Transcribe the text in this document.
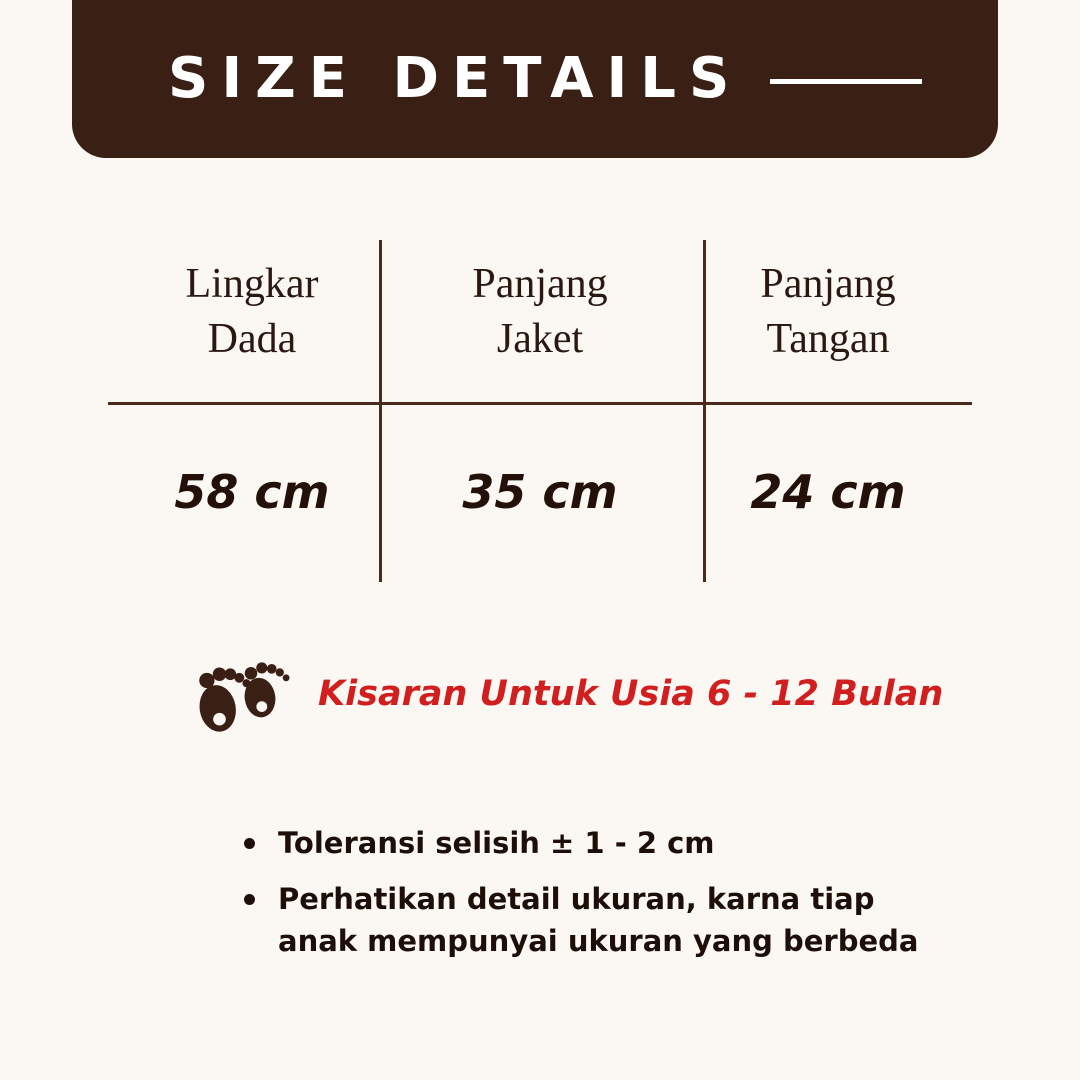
SIZE DETAILS
Lingkar
Dada
Panjang
Jaket
Panjang
Tangan
58 cm	35 cm	24 cm
Kisaran Untuk Usia 6 - 12 Bulan
Toleransi selisih ± 1 - 2 cm
Perhatikan detail ukuran, karna tiap anak mempunyai ukuran yang berbeda
